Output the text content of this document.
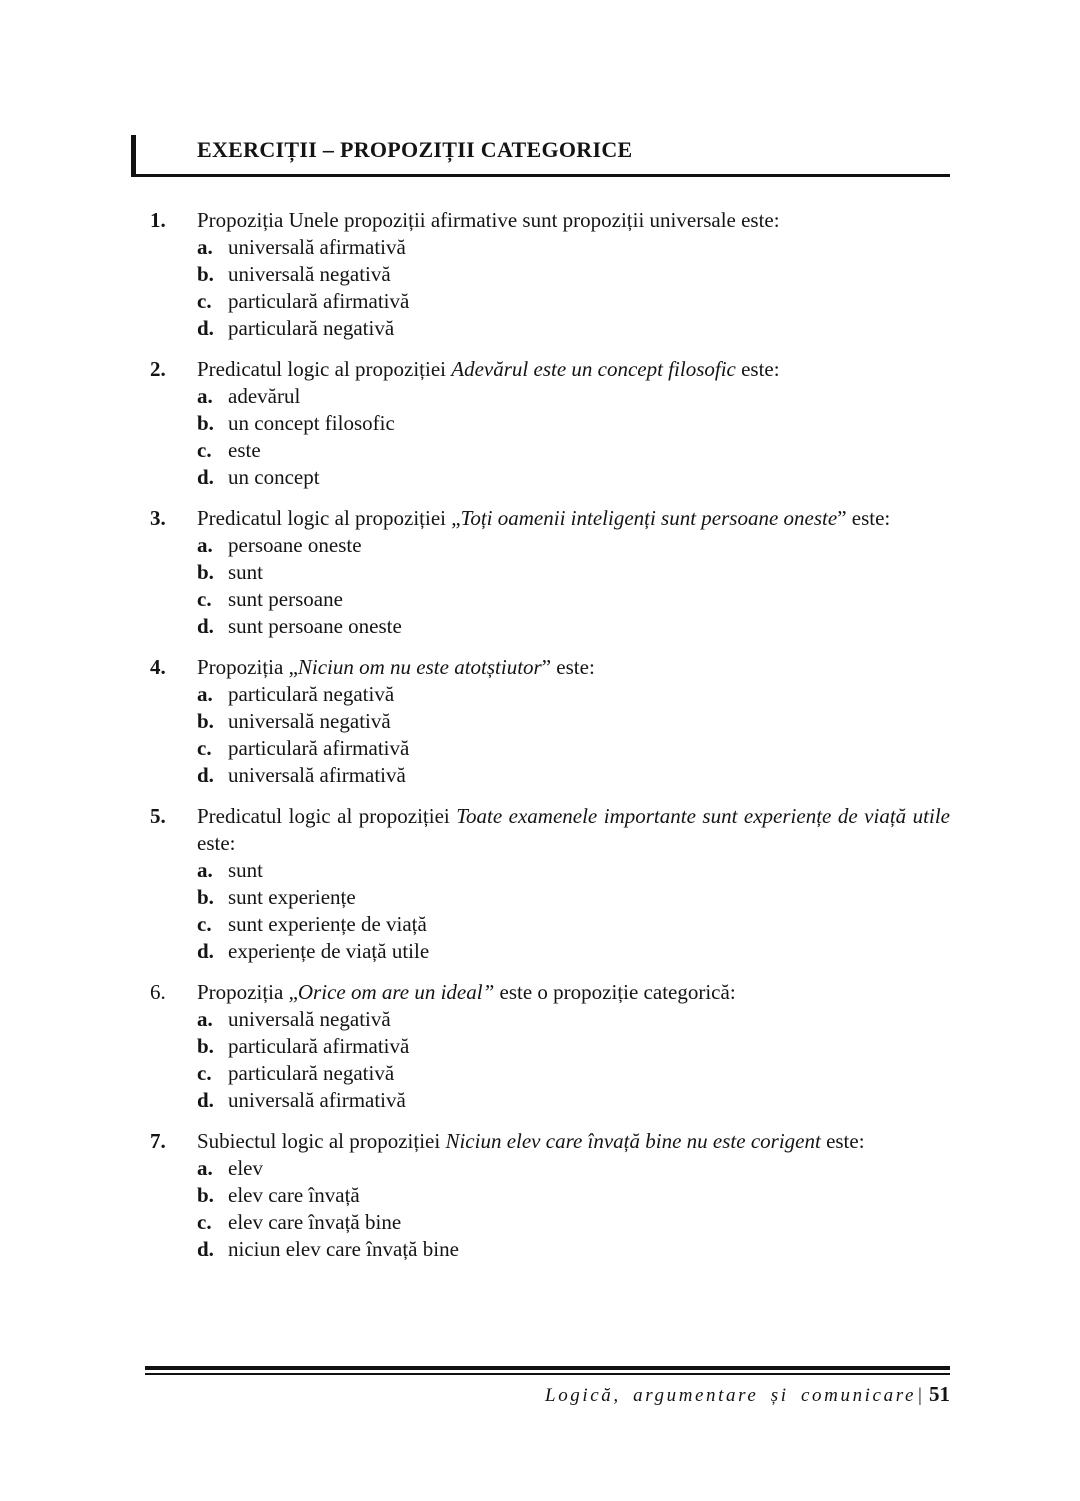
EXERCIȚII – PROPOZIȚII CATEGORICE
1.	Propoziția Unele propoziții afirmative sunt propoziții universale este:

a. universală afirmativă
b. universală negativă
c. particulară afirmativă
d. particulară negativă
2.	Predicatul logic al propoziției Adevărul este un concept filosofic este:

a. adevărul
b. un concept filosofic
c. este
d. un concept
3.	Predicatul logic al propoziției „Toți oamenii inteligenți sunt persoane oneste” este:

a. persoane oneste
b. sunt
c. sunt persoane
d. sunt persoane oneste
4.	Propoziția „Niciun om nu este atotștiutor” este:

a. particulară negativă
b. universală negativă
c. particulară afirmativă
d. universală afirmativă
5.	Predicatul logic al propoziției Toate examenele importante sunt experiențe de viață utile este:

a. sunt
b. sunt experiențe
c. sunt experiențe de viață
d. experiențe de viață utile
6.	Propoziția „Orice om are un ideal” este o propoziție categorică:

a. universală negativă
b. particulară afirmativă
c. particulară negativă
d. universală afirmativă
7.	Subiectul logic al propoziției Niciun elev care învață bine nu este corigent este:

a. elev
b. elev care învață
c. elev care învață bine
d. niciun elev care învață bine
Logică, argumentare și comunicare| 51
